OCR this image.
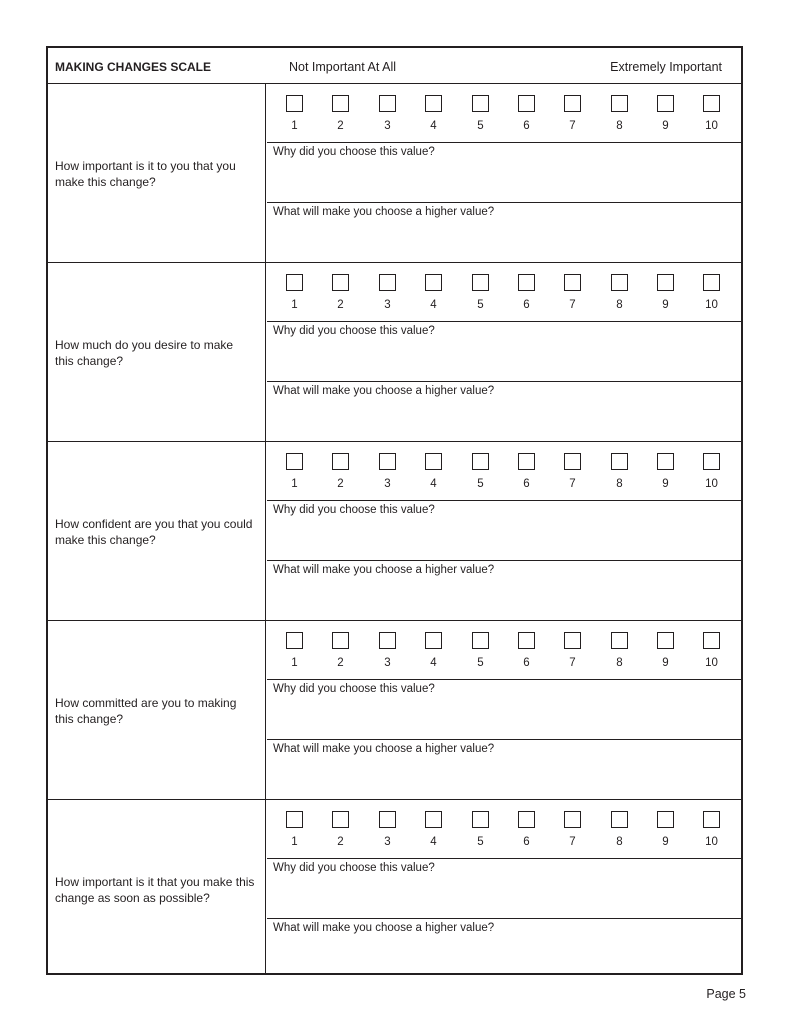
MAKING CHANGES SCALE	Not Important At All	Extremely Important
How important is it to you that you make this change?
1	2	3	4	5	6	7	8	9	10
Why did you choose this value?
What will make you choose a higher value?
How much do you desire to make this change?
1	2	3	4	5	6	7	8	9	10
Why did you choose this value?
What will make you choose a higher value?
How confident are you that you could make this change?
1	2	3	4	5	6	7	8	9	10
Why did you choose this value?
What will make you choose a higher value?
How committed are you to making this change?
1	2	3	4	5	6	7	8	9	10
Why did you choose this value?
What will make you choose a higher value?
How important is it that you make this change as soon as possible?
1	2	3	4	5	6	7	8	9	10
Why did you choose this value?
What will make you choose a higher value?
Page 5
